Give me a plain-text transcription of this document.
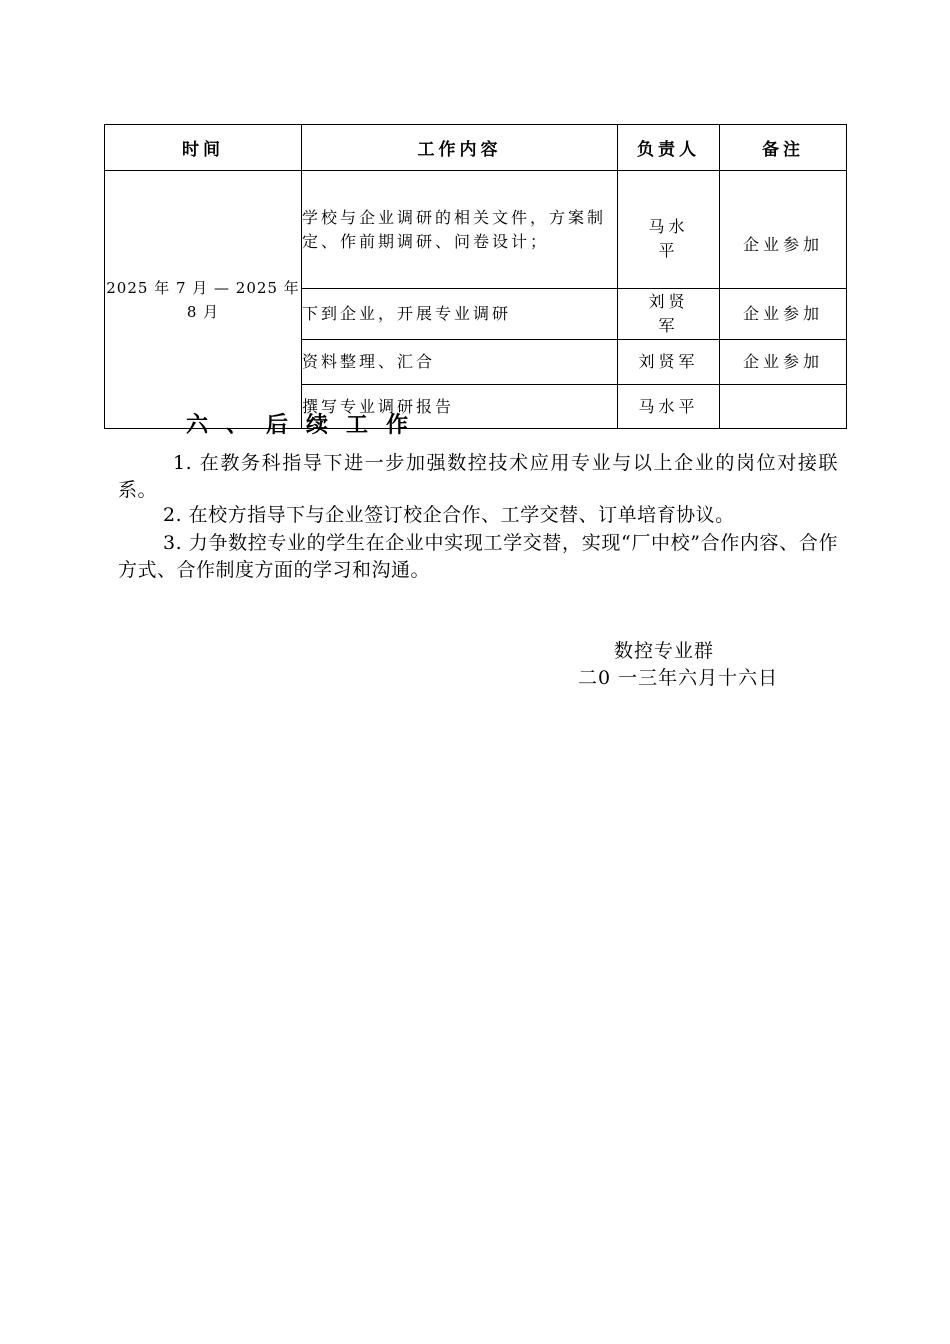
时间	工作内容	负责人	备注
2025 年 7 月 — 2025 年 8 月	学校与企业调研的相关文件，方案制定、作前期调研、问卷设计；	马水平	企业参加
	下到企业，开展专业调研	刘贤军	企业参加
	资料整理、汇合	刘贤军	企业参加
	撰写专业调研报告	马水平	
六、后续工作
1. 在教务科指导下进一步加强数控技术应用专业与以上企业的岗位对接联系。
2. 在校方指导下与企业签订校企合作、工学交替、订单培育协议。
3. 力争数控专业的学生在企业中实现工学交替，实现“厂中校”合作内容、合作方式、合作制度方面的学习和沟通。
数控专业群
二0 一三年六月十六日
